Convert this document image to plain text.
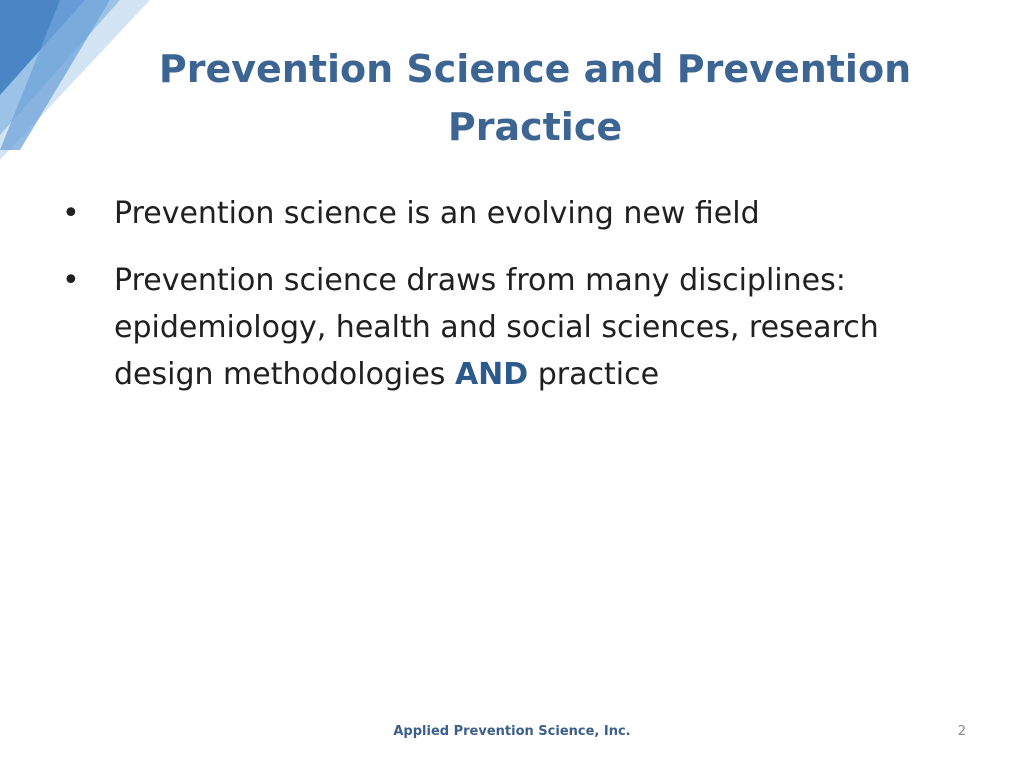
Prevention Science and Prevention Practice
• Prevention science is an evolving new field
• Prevention science draws from many disciplines: epidemiology, health and social sciences, research design methodologies AND practice
Applied Prevention Science, Inc.	2
